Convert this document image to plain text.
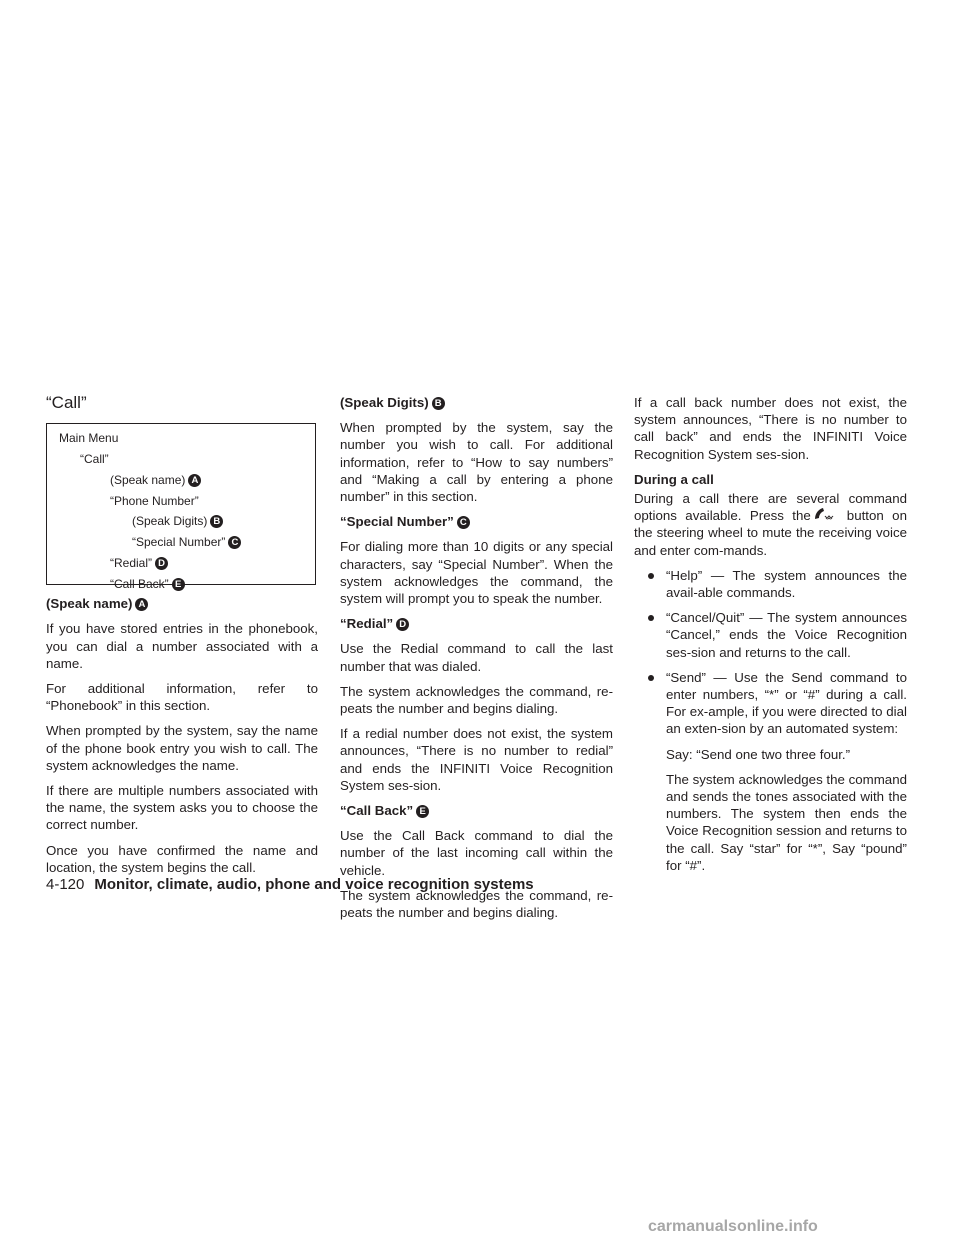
“Call”
Main Menu
“Call”
(Speak name) A
“Phone Number”
(Speak Digits) B
“Special Number” C
“Redial” D
“Call Back” E
(Speak name) A

If you have stored entries in the phonebook, you can dial a number associated with a name.

For additional information, refer to “Phonebook” in this section.

When prompted by the system, say the name of the phone book entry you wish to call. The system acknowledges the name.

If there are multiple numbers associated with the name, the system asks you to choose the correct number.

Once you have confirmed the name and location, the system begins the call.

(Speak Digits) B

When prompted by the system, say the number you wish to call. For additional information, refer to “How to say numbers” and “Making a call by entering a phone number” in this section.

“Special Number” C

For dialing more than 10 digits or any special characters, say “Special Number”. When the system acknowledges the command, the system will prompt you to speak the number.

“Redial” D

Use the Redial command to call the last number that was dialed.

The system acknowledges the command, re-peats the number and begins dialing.

If a redial number does not exist, the system announces, “There is no number to redial” and ends the INFINITI Voice Recognition System ses-sion.

“Call Back” E

Use the Call Back command to dial the number of the last incoming call within the vehicle.

The system acknowledges the command, re-peats the number and begins dialing.

If a call back number does not exist, the system announces, “There is no number to call back” and ends the INFINITI Voice Recognition System ses-sion.

During a call

During a call there are several command options available. Press the	button on the steering wheel to mute the receiving voice and enter com-mands.

“Help” — The system announces the avail-able commands.
“Cancel/Quit” — The system announces “Cancel,” ends the Voice Recognition ses-sion and returns to the call.
“Send” — Use the Send command to enter numbers, “*” or “#” during a call. For ex-ample, if you were directed to dial an exten-sion by an automated system:

Say: “Send one two three four.”

The system acknowledges the command and sends the tones associated with the numbers. The system then ends the Voice Recognition session and returns to the call. Say “star” for “*”, Say “pound” for “#”.

4-120 Monitor, climate, audio, phone and voice recognition systems
carmanualsonline.info
